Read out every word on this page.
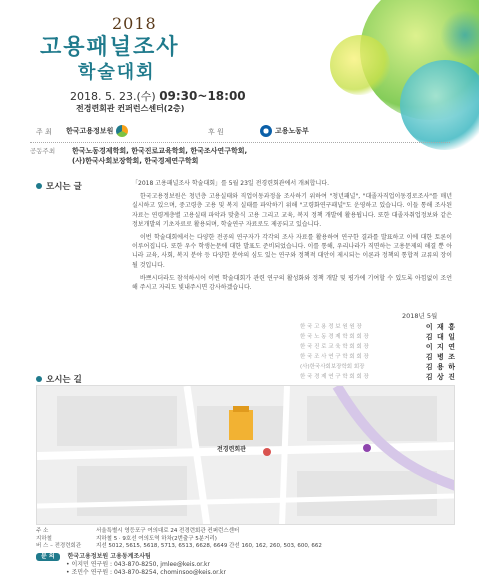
2018
고용패널조사
학술대회
2018. 5. 23.(수) 09:30~18:00
전경련회관 컨퍼런스센터(2층)
주 최 한국고용정보원	후 원	고용노동부
공동주최 한국노동경제학회, 한국진로교육학회, 한국조사연구학회,
(사)한국사회보장학회, 한국경제연구학회
모시는 글	「2018 고용패널조사 학술대회」를 5월 23일 전경련회관에서 개최합니다.

한국고용정보원은 청년층 고용실태와 직업이동과정을 조사하기 위하여 "청년패널", "대졸자직업이동경로조사"를 매년 실시하고 있으며, 중고령층 고용 및 복지 실태를 파악하기 위해 "고령화연구패널"도 운영하고 있습니다. 이들 통해 조사된 자료는 연령계층별 고용실태 파악과 맞춤식 고용 그리고 교육, 복지 정책 개발에 활용됩니다. 또한 대졸자취업정보와 같은 정보개발의 기초자료로 활용되며, 학술연구 자료로도 제공되고 있습니다.

이번 학술대회에서는 다양한 전공의 연구자가 각각의 조사 자료를 활용하여 연구한 결과를 발표하고 이에 대한 토론이 이루어집니다. 또한 우수 학생논문에 대한 발표도 준비되었습니다. 이를 통해, 우리나라가 직면하는 고용문제의 해결 뿐 아니라 교육, 사회, 복지 분야 등 다양한 분야의 심도 있는 연구와 정책적 대안이 제시되는 이론과 정책의 통합적 교류의 장이 될 것입니다.

바쁘시더라도 참석하시어 이번 학술대회가 관련 연구의 활성화와 정책 개발 및 평가에 기여할 수 있도록 아낌없이 조언해 주시고 자리도 빛내주시면 감사하겠습니다.

2018년 5월
한 국 고 용 정 보 원 원 장	이 재 흥
한 국 노 동 경 제 학 회 회 장	김 대 일
한 국 진 로 교 육 학 회 회 장	이 지 연
한 국 조 사 연 구 학 회 회 장	김 병 조
(사)한국사회보장학회 회장	김 용 하
한 국 경 제 연 구 학 회 회 장	김 상 진
오시는 길
전경련회관
주 소	서울특별시 영등포구 여의대로 24 전경련회관 컨퍼런스센터
지하철	지하철 5 · 9호선 여의도역 하차(2번출구 5분거리)
버 스 – 전경련회관	지선 5012, 5615, 5618, 5713, 6513, 6628, 6649 간선 160, 162, 260, 503, 600, 662
문 의 한국고용정보원 고용동계조사팀
• 이지민 연구원 : 043-870-8250, jmlee@keis.or.kr
• 조민수 연구원 : 043-870-8254, chominsoo@keis.or.kr
